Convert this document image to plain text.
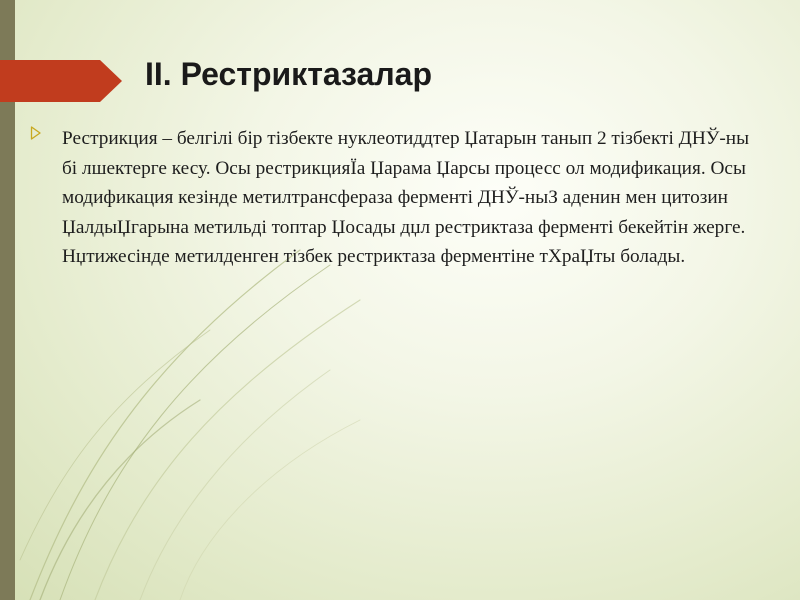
II. Рестриктазалар

Рестрикция – белгілі бір тізбекте нуклеотиддтер Џатарын танып 2 тізбекті ДНЎ-ны бі лшектерге кесу. Осы рестрикцияЇа Џарама Џарсы процесс ол модификация. Осы модификация кезінде метилтрансфераза ферменті ДНЎ-ныЗ аденин мен цитозин ЏалдыЏгарына метильді топтар Џосады дџл рестриктаза ферменті бекейтін жерге. Нџтижесінде метилденген тізбек рестриктаза ферментіне тХраЏты болады.
